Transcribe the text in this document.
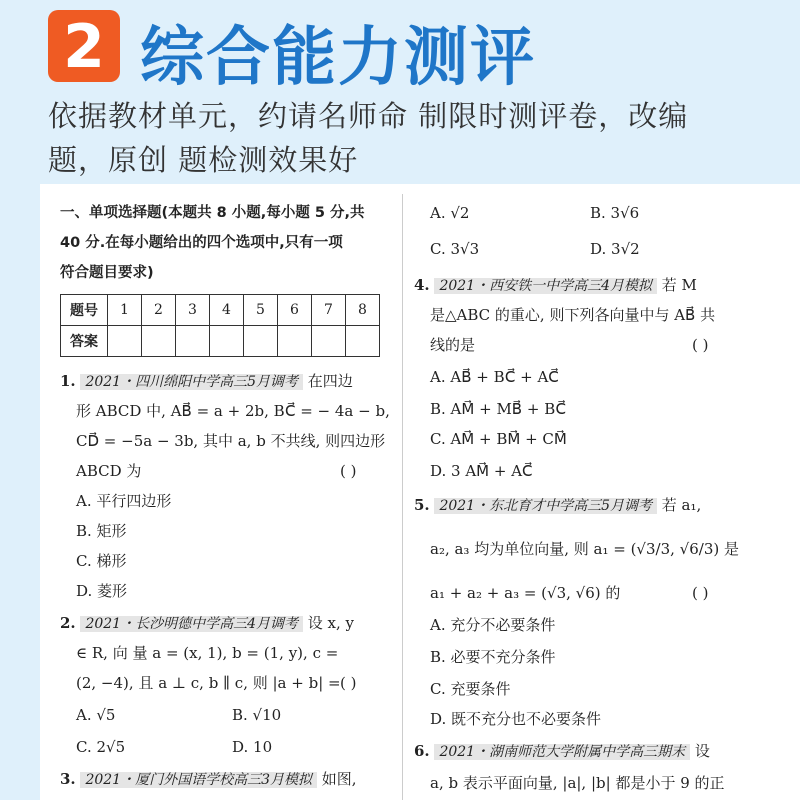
2 综合能力测评
依据教材单元，约请名师命 制限时测评卷，改编
题，原创 题检测效果好
一、单项选择题(本题共 8 小题,每小题 5 分,共
40 分.在每小题给出的四个选项中,只有一项
符合题目要求)
题号	1	2	3	4	5	6	7	8
答案								
1. 2021・四川绵阳中学高三5月调考 在四边
形 ABCD 中, AB⃗ = a + 2b, BC⃗ = − 4a − b,
CD⃗ = −5a − 3b, 其中 a, b 不共线, 则四边形
ABCD 为	( )
A. 平行四边形
B. 矩形
C. 梯形
D. 菱形
2. 2021・长沙明德中学高三4月调考 设 x, y
∈ R, 向 量 a = (x, 1), b = (1, y), c =
(2, −4), 且 a ⊥ c, b ∥ c, 则 |a + b| = ( )
A. √5	B. √10
C. 2√5	D. 10
3. 2021・厦门外国语学校高三3月模拟 如图,
A. √2	B. 3√6
C. 3√3	D. 3√2
4. 2021・西安铁一中学高三4月模拟 若 M
是△ABC 的重心, 则下列各向量中与 AB⃗ 共
线的是	( )
A. AB⃗ + BC⃗ + AC⃗
B. AM⃗ + MB⃗ + BC⃗
C. AM⃗ + BM⃗ + CM⃗
D. 3 AM⃗ + AC⃗
5. 2021・东北育才中学高三5月调考 若 a₁,
a₂, a₃ 均为单位向量, 则 a₁ = (√3/3, √6/3) 是
a₁ + a₂ + a₃ = (√3, √6) 的	( )
A. 充分不必要条件
B. 必要不充分条件
C. 充要条件
D. 既不充分也不必要条件
6. 2021・湖南师范大学附属中学高三期末 设
a, b 表示平面向量, |a|, |b| 都是小于 9 的正
